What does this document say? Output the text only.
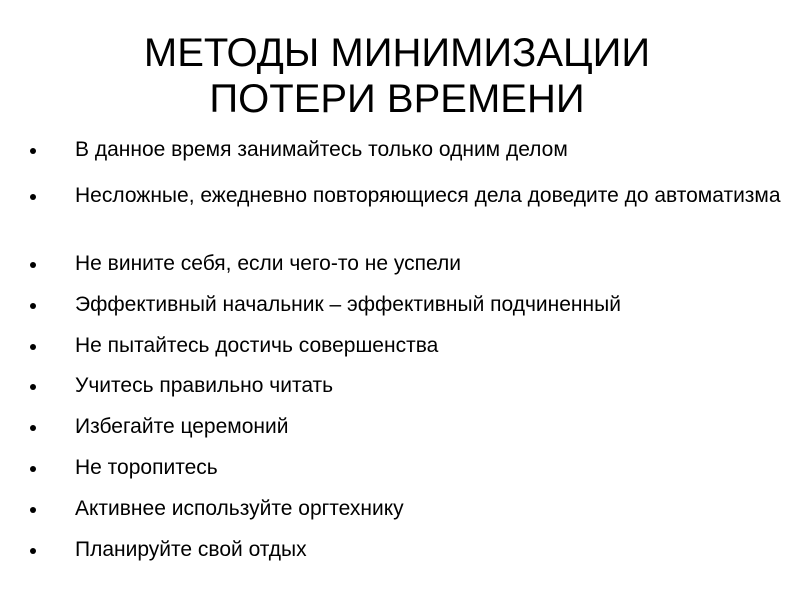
МЕТОДЫ МИНИМИЗАЦИИ
ПОТЕРИ ВРЕМЕНИ
В данное время занимайтесь только одним делом
Несложные, ежедневно повторяющиеся дела доведите до автоматизма
Не вините себя, если чего-то не успели
Эффективный начальник – эффективный подчиненный
Не пытайтесь достичь совершенства
Учитесь правильно читать
Избегайте церемоний
Не торопитесь
Активнее используйте оргтехнику
Планируйте свой отдых
